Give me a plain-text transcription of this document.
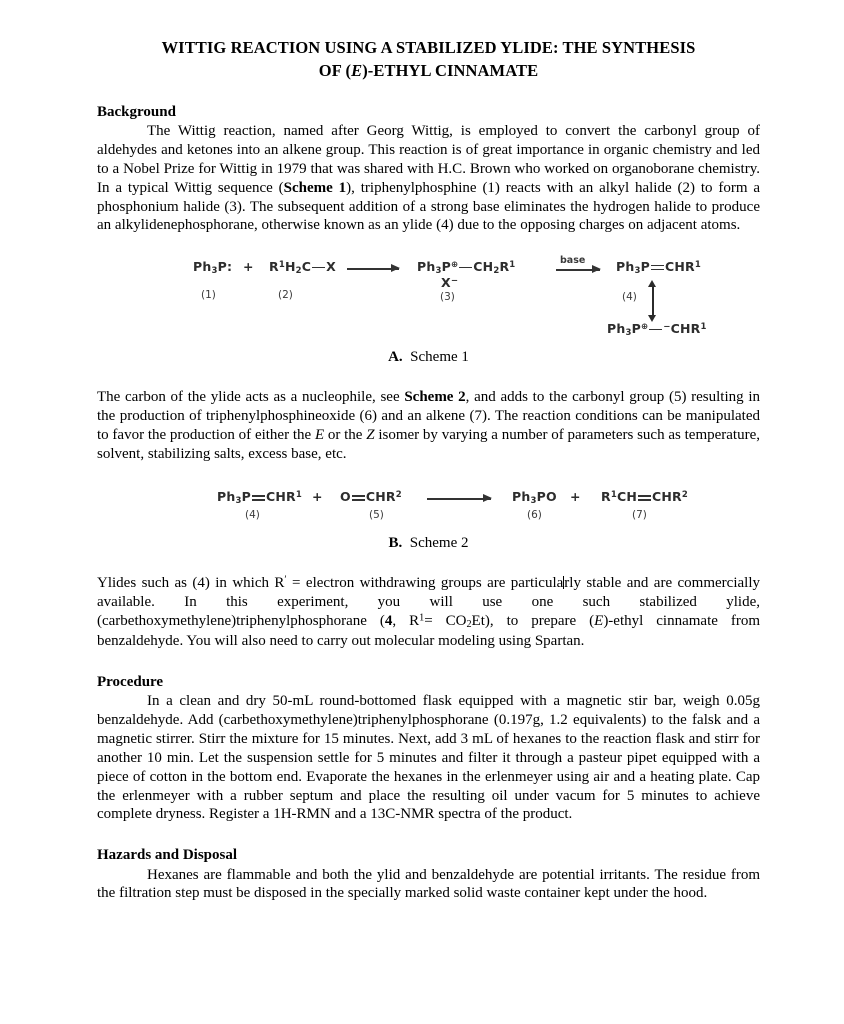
WITTIG REACTION USING A STABILIZED YLIDE: THE SYNTHESIS
OF (E)-ETHYL CINNAMATE
Background

The Wittig reaction, named after Georg Wittig, is employed to convert the carbonyl group of aldehydes and ketones into an alkene group. This reaction is of great importance in organic chemistry and led to a Nobel Prize for Wittig in 1979 that was shared with H.C. Brown who worked on organoborane chemistry. In a typical Wittig sequence (Scheme 1), triphenylphosphine (1) reacts with an alkyl halide (2) to form a phosphonium halide (3). The subsequent addition of a strong base eliminates the hydrogen halide to produce an alkylidenephosphorane, otherwise known as an ylide (4) due to the opposing charges on adjacent atoms.

$Ph_3P$: + $R^1H_2C$ X
(1)	(2)
$Ph_3P^\oplus$ $CH_2R^1$
X−
(3)
base $Ph_3P$ CHR$^1$
(4)
$Ph_3P^\oplus$ −CHR$^1$

A. Scheme 1

The carbon of the ylide acts as a nucleophile, see Scheme 2, and adds to the carbonyl group (5) resulting in the production of triphenylphosphineoxide (6) and an alkene (7). The reaction conditions can be manipulated to favor the production of either the E or the Z isomer by varying a number of parameters such as temperature, solvent, stabilizing salts, excess base, etc.

$Ph_3P$ $CHR^1 + O$ CHR$^2$	$Ph_3PO + R^1CH$ CHR$^2$
(4)	(5)	(6)	(7)

B. Scheme 2

Ylides such as (4) in which R′ = electron withdrawing groups are particularly stable and are commercially available. In this experiment, you will use one such stabilized ylide, (carbethoxymethylene)triphenylphosphorane (4, $R^1= CO_2Et$), to prepare (E)-ethyl cinnamate from benzaldehyde. You will also need to carry out molecular modeling using Spartan.

Procedure

In a clean and dry 50-mL round-bottomed flask equipped with a magnetic stir bar, weigh 0.05g benzaldehyde. Add (carbethoxymethylene)triphenylphosphorane (0.197g, 1.2 equivalents) to the falsk and a magnetic stirrer. Stirr the mixture for 15 minutes. Next, add 3 mL of hexanes to the reaction flask and stirr for another 10 min. Let the suspension settle for 5 minutes and filter it through a pasteur pipet equipped with a piece of cotton in the bottom end. Evaporate the hexanes in the erlenmeyer using air and a heating plate. Cap the erlenmeyer with a rubber septum and place the resulting oil under vacum for 5 minutes to achieve complete dryness. Register a 1H-RMN and a 13C-NMR spectra of the product.

Hazards and Disposal

Hexanes are flammable and both the ylid and benzaldehyde are potential irritants. The residue from the filtration step must be disposed in the specially marked solid waste container kept under the hood.
